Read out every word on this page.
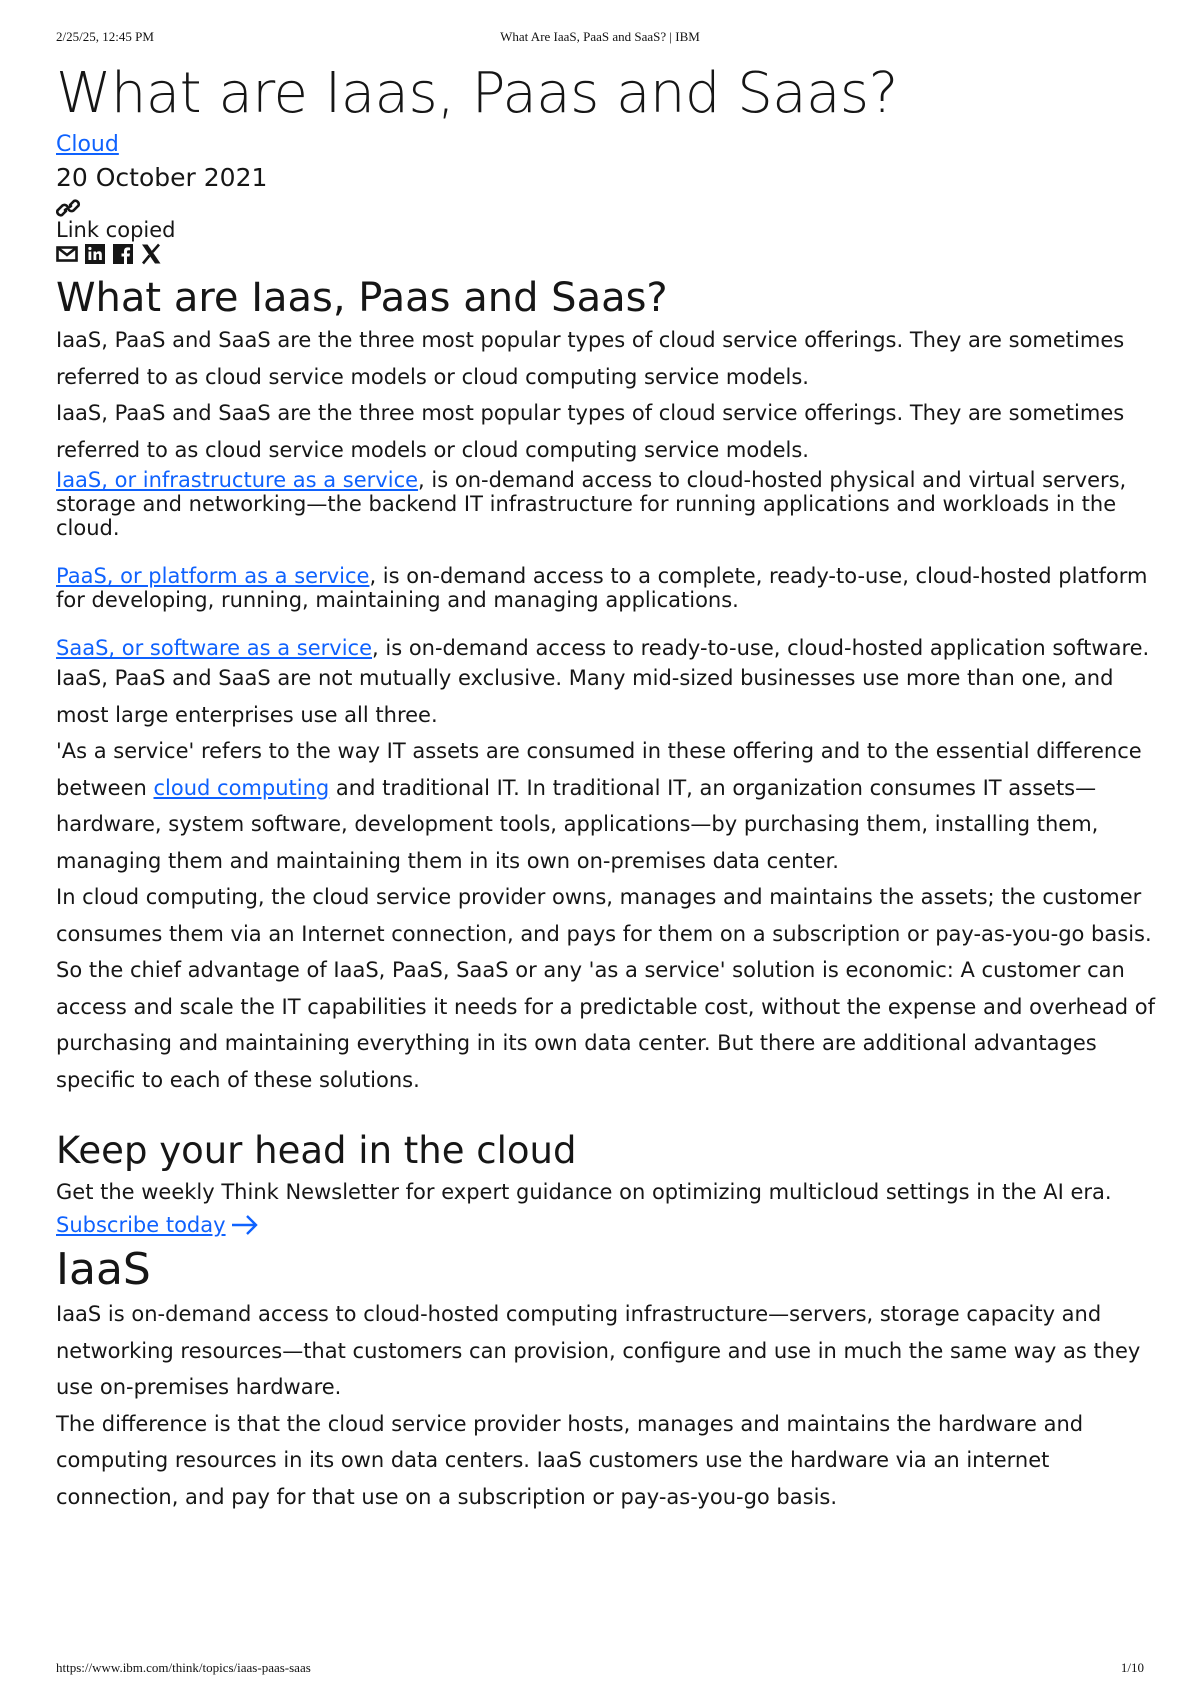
2/25/25, 12:45 PM	What Are IaaS, PaaS and SaaS? | IBM
What are Iaas, Paas and Saas?
Cloud
20 October 2021
Link copied
What are Iaas, Paas and Saas?

IaaS, PaaS and SaaS are the three most popular types of cloud service offerings. They are sometimes referred to as cloud service models or cloud computing service models.

IaaS, PaaS and SaaS are the three most popular types of cloud service offerings. They are sometimes referred to as cloud service models or cloud computing service models.

IaaS, or infrastructure as a service, is on-demand access to cloud-hosted physical and virtual servers, storage and networking—the backend IT infrastructure for running applications and workloads in the cloud.

PaaS, or platform as a service, is on-demand access to a complete, ready-to-use, cloud-hosted platform for developing, running, maintaining and managing applications.

SaaS, or software as a service, is on-demand access to ready-to-use, cloud-hosted application software.

IaaS, PaaS and SaaS are not mutually exclusive. Many mid-sized businesses use more than one, and most large enterprises use all three.

'As a service' refers to the way IT assets are consumed in these offering and to the essential difference between cloud computing and traditional IT. In traditional IT, an organization consumes IT assets—hardware, system software, development tools, applications—by purchasing them, installing them, managing them and maintaining them in its own on-premises data center.

In cloud computing, the cloud service provider owns, manages and maintains the assets; the customer consumes them via an Internet connection, and pays for them on a subscription or pay-as-you-go basis.

So the chief advantage of IaaS, PaaS, SaaS or any 'as a service' solution is economic: A customer can access and scale the IT capabilities it needs for a predictable cost, without the expense and overhead of purchasing and maintaining everything in its own data center. But there are additional advantages specific to each of these solutions.

Keep your head in the cloud

Get the weekly Think Newsletter for expert guidance on optimizing multicloud settings in the AI era.

Subscribe today
IaaS

IaaS is on-demand access to cloud-hosted computing infrastructure—servers, storage capacity and networking resources—that customers can provision, configure and use in much the same way as they use on-premises hardware.

The difference is that the cloud service provider hosts, manages and maintains the hardware and computing resources in its own data centers. IaaS customers use the hardware via an internet connection, and pay for that use on a subscription or pay-as-you-go basis.

https://www.ibm.com/think/topics/iaas-paas-saas	1/10
